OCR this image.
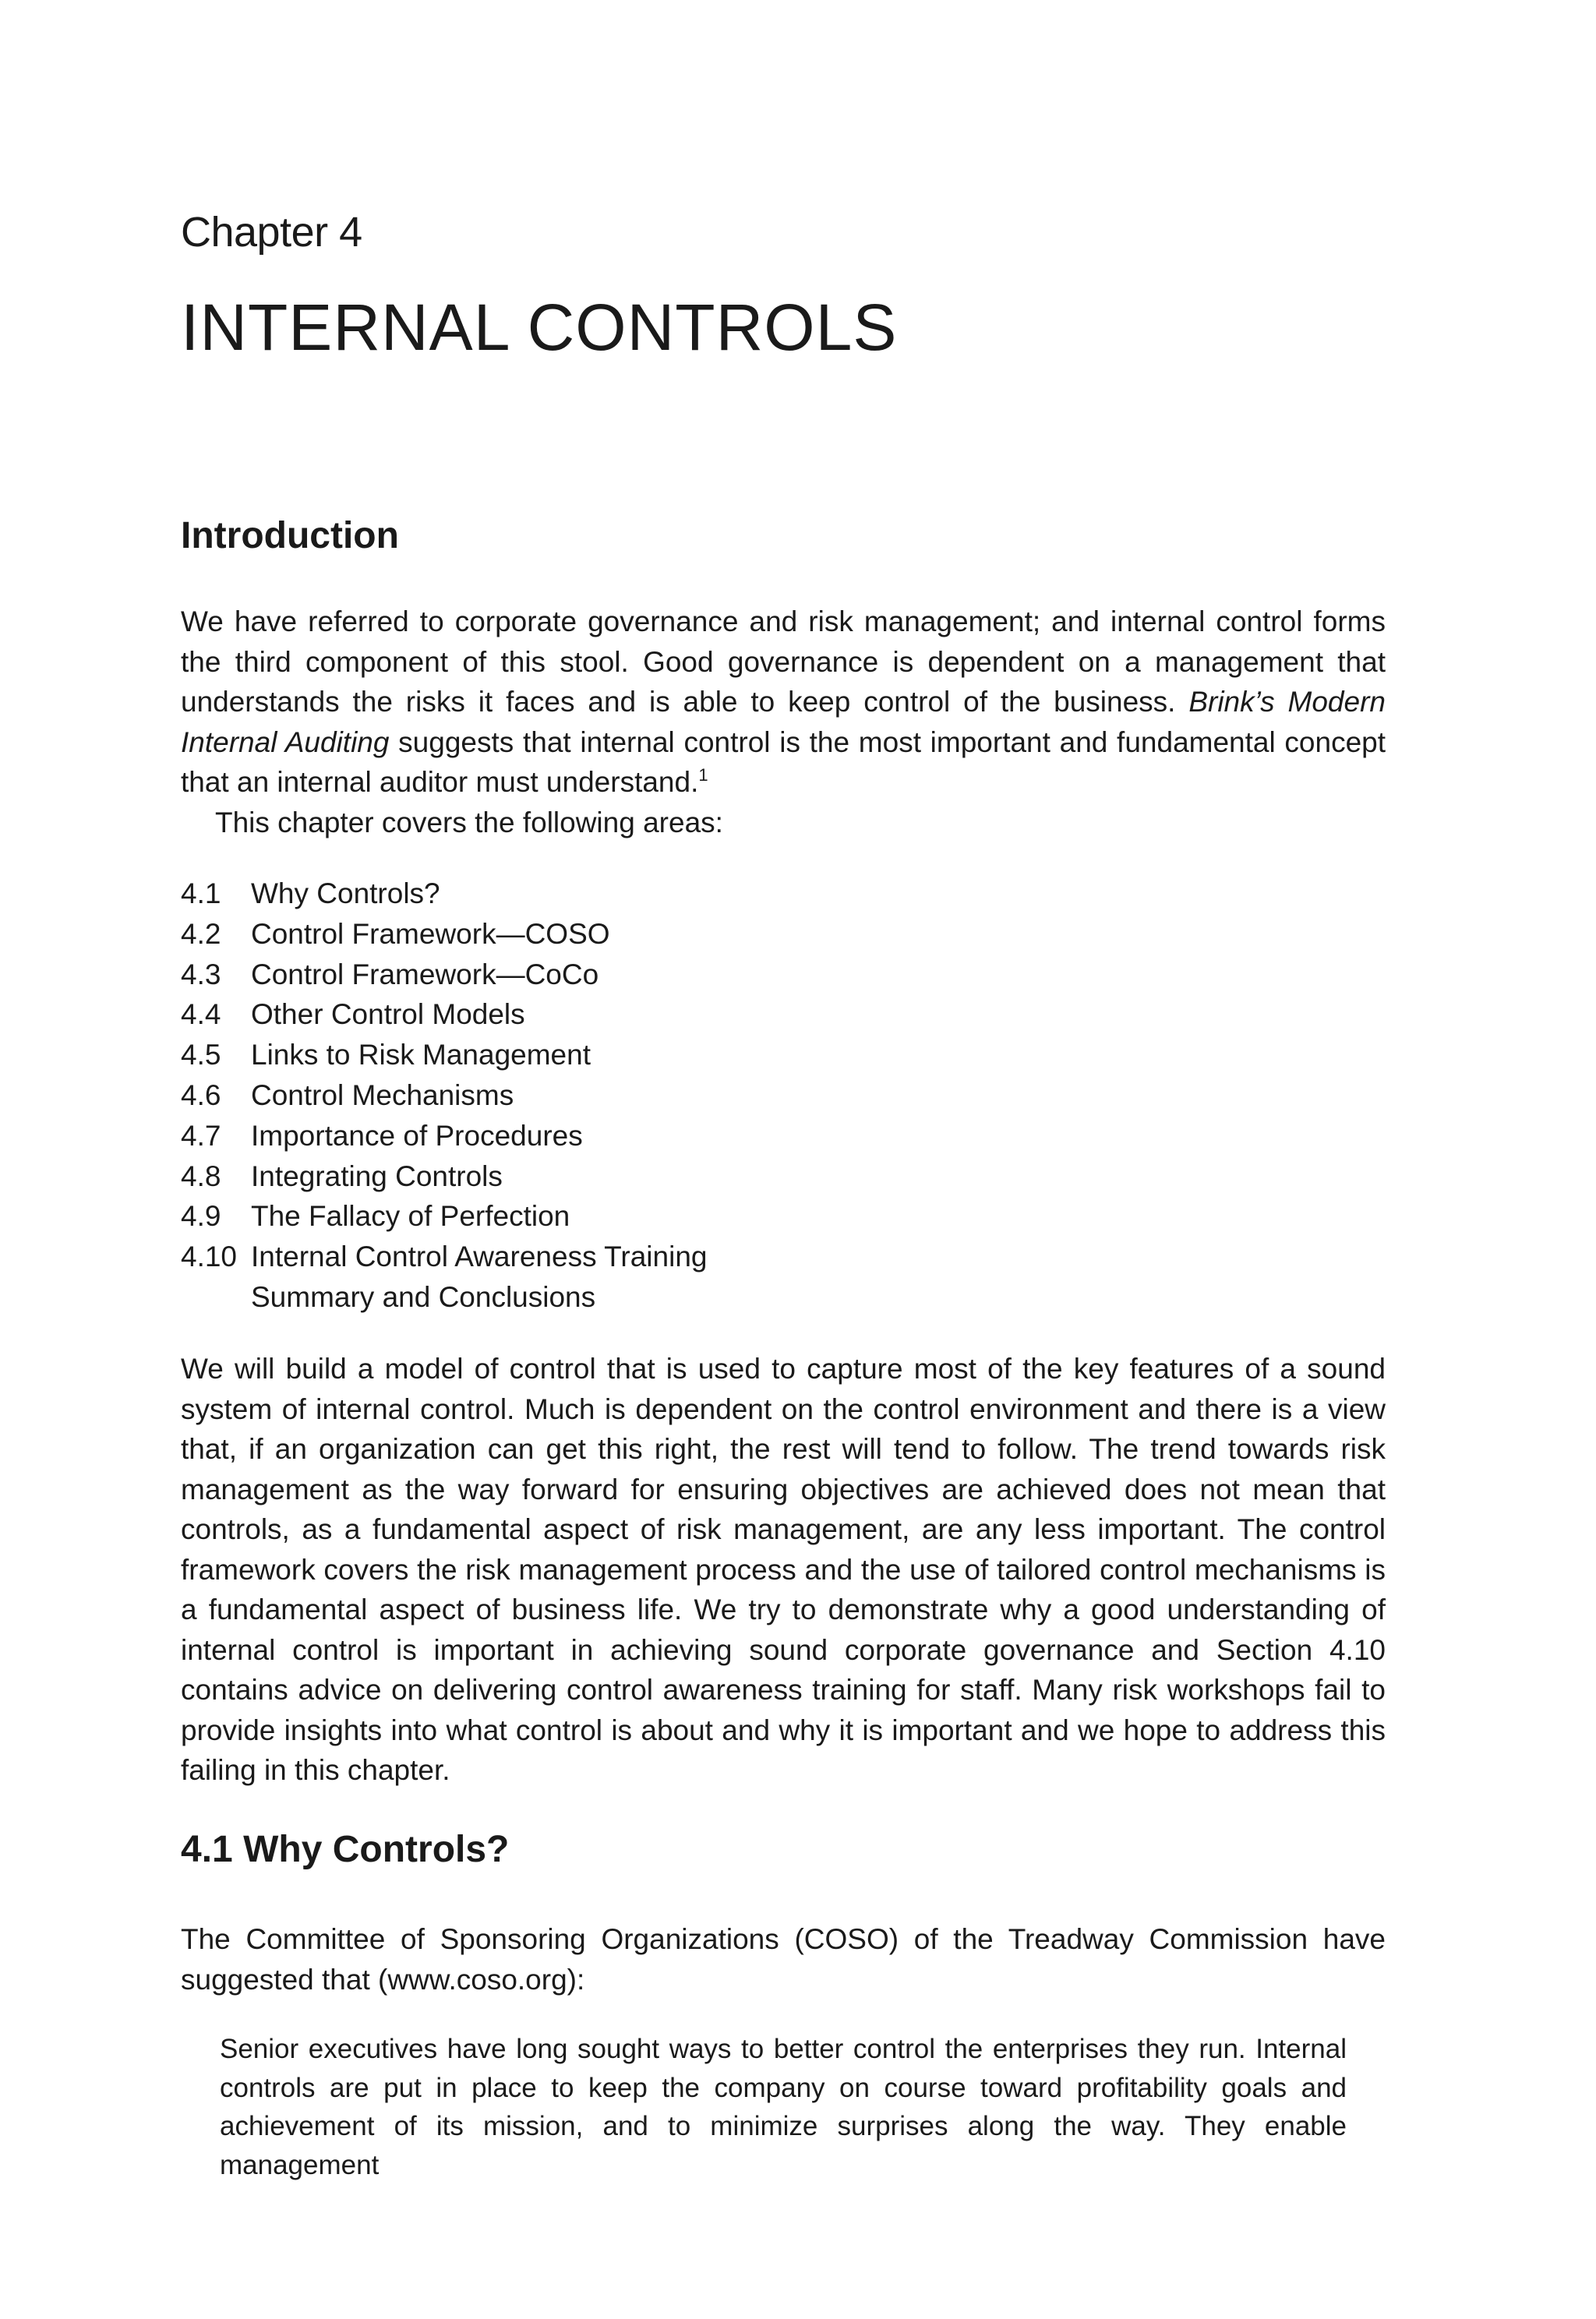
Chapter 4
INTERNAL CONTROLS
Introduction

We have referred to corporate governance and risk management; and internal control forms the third component of this stool. Good governance is dependent on a management that understands the risks it faces and is able to keep control of the business. Brink’s Modern Internal Auditing suggests that internal control is the most important and fundamental concept that an internal auditor must understand.$^1$

This chapter covers the following areas:

4.1	Why Controls?
4.2	Control Framework—COSO
4.3	Control Framework—CoCo
4.4	Other Control Models
4.5	Links to Risk Management
4.6	Control Mechanisms
4.7	Importance of Procedures
4.8	Integrating Controls
4.9	The Fallacy of Perfection
4.10 Internal Control Awareness Training
Summary and Conclusions

We will build a model of control that is used to capture most of the key features of a sound system of internal control. Much is dependent on the control environment and there is a view that, if an organization can get this right, the rest will tend to follow. The trend towards risk management as the way forward for ensuring objectives are achieved does not mean that controls, as a fundamental aspect of risk management, are any less important. The control framework covers the risk management process and the use of tailored control mechanisms is a fundamental aspect of business life. We try to demonstrate why a good understanding of internal control is important in achieving sound corporate governance and Section 4.10 contains advice on delivering control awareness training for staff. Many risk workshops fail to provide insights into what control is about and why it is important and we hope to address this failing in this chapter.

4.1 Why Controls?

The Committee of Sponsoring Organizations (COSO) of the Treadway Commission have suggested that (www.coso.org):

Senior executives have long sought ways to better control the enterprises they run. Internal controls are put in place to keep the company on course toward profitability goals and achievement of its mission, and to minimize surprises along the way. They enable management
